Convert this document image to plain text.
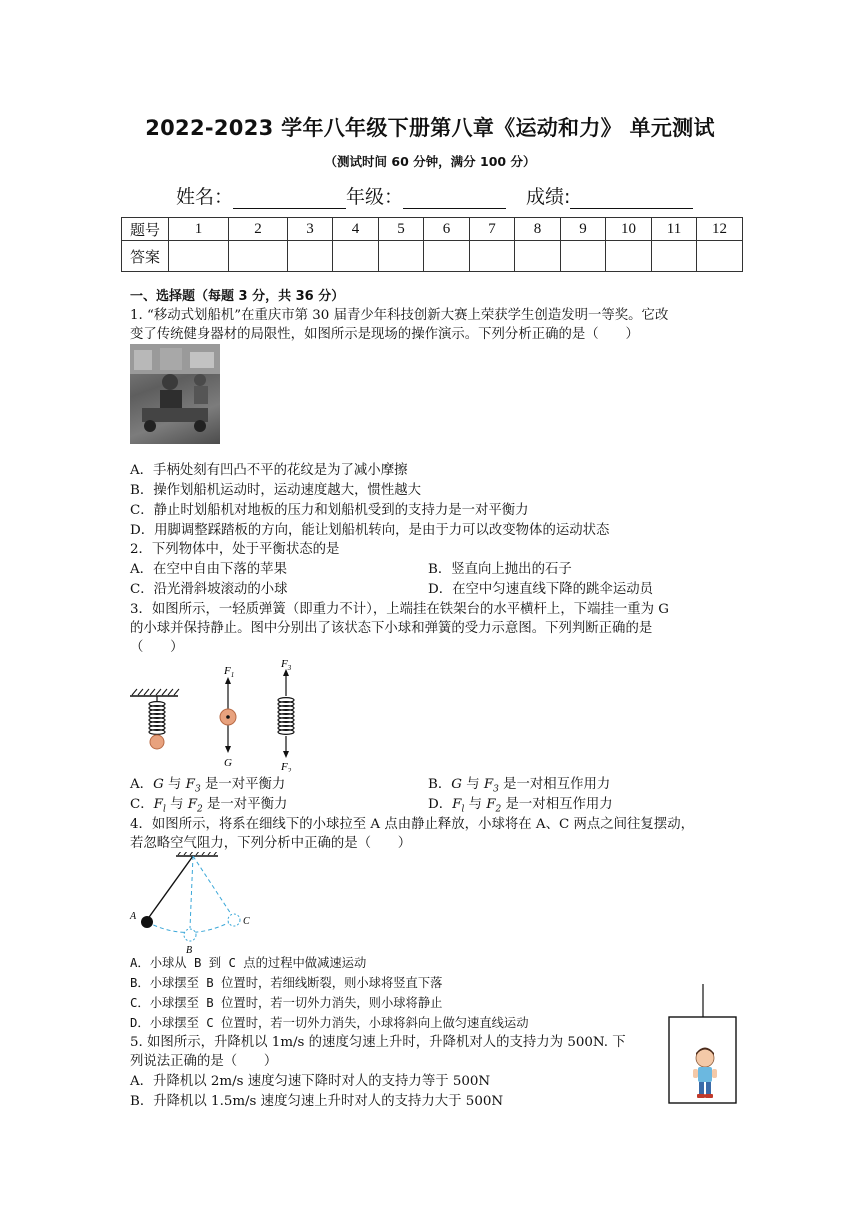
2022-2023 学年八年级下册第八章《运动和力》 单元测试
（测试时间 60 分钟，满分 100 分）
姓名：	年级：	成绩:
题号	1	2	3	4	5	6	7	8	9	10	11	12
答案												
一、选择题（每题 3 分，共 36 分）
1. “移动式划船机”在重庆市第 30 届青少年科技创新大赛上荣获学生创造发明一等奖。它改
变了传统健身器材的局限性，如图所示是现场的操作演示。下列分析正确的是（　　）
A．手柄处刻有凹凸不平的花纹是为了减小摩擦
B．操作划船机运动时，运动速度越大，惯性越大
C．静止时划船机对地板的压力和划船机受到的支持力是一对平衡力
D．用脚调整踩踏板的方向，能让划船机转向，是由于力可以改变物体的运动状态
2．下列物体中，处于平衡状态的是
A．在空中自由下落的苹果	B．竖直向上抛出的石子
C．沿光滑斜坡滚动的小球	D．在空中匀速直线下降的跳伞运动员
3．如图所示，一轻质弹簧（即重力不计），上端挂在铁架台的水平横杆上，下端挂一重为 G
的小球并保持静止。图中分别出了该状态下小球和弹簧的受力示意图。下列判断正确的是
（　　）
$F_1$
G
$F_3$
$F_2$
A．G 与 $F_3$ 是一对平衡力	B．G 与 $F_3$ 是一对相互作用力
C．$F_l$ 与 $F_2$ 是一对平衡力	D．$F_l$ 与 $F_2$ 是一对相互作用力
4．如图所示，将系在细线下的小球拉至 A 点由静止释放，小球将在 A、C 两点之间往复摆动，
若忽略空气阻力，下列分析中正确的是（　　）
A
B
C
A．小球从 B 到 C 点的过程中做减速运动
B．小球摆至 B 位置时，若细线断裂，则小球将竖直下落
C．小球摆至 B 位置时，若一切外力消失，则小球将静止
D．小球摆至 C 位置时，若一切外力消失，小球将斜向上做匀速直线运动
5. 如图所示，升降机以 1m/s 的速度匀速上升时，升降机对人的支持力为 500N. 下
列说法正确的是（　　）
A．升降机以 2m/s 速度匀速下降时对人的支持力等于 500N
B．升降机以 1.5m/s 速度匀速上升时对人的支持力大于 500N
